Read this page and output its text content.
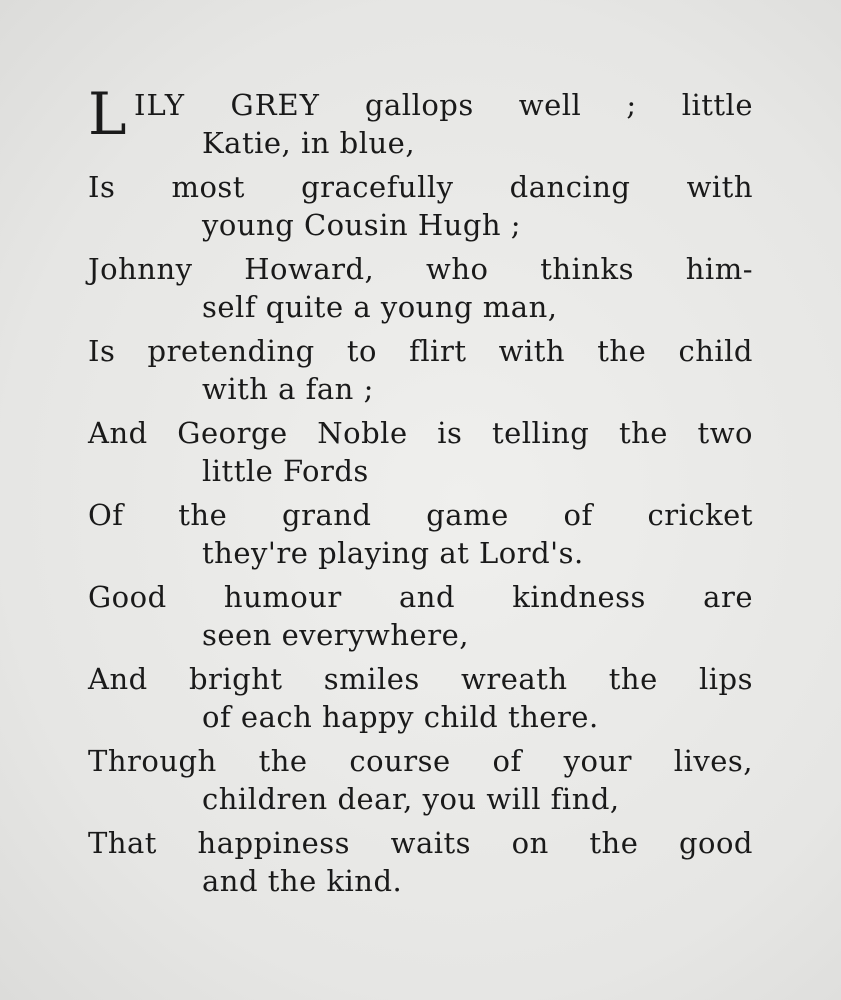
L ILY GREY gallops well ; little
Katie, in blue,
Is most gracefully dancing with
young Cousin Hugh ;
Johnny Howard, who thinks him-
self quite a young man,
Is pretending to flirt with the child
with a fan ;
And George Noble is telling the two
little Fords
Of the grand game of cricket
they're playing at Lord's.
Good humour and kindness are
seen everywhere,
And bright smiles wreath the lips
of each happy child there.
Through the course of your lives,
children dear, you will find,
That happiness waits on the good
and the kind.
